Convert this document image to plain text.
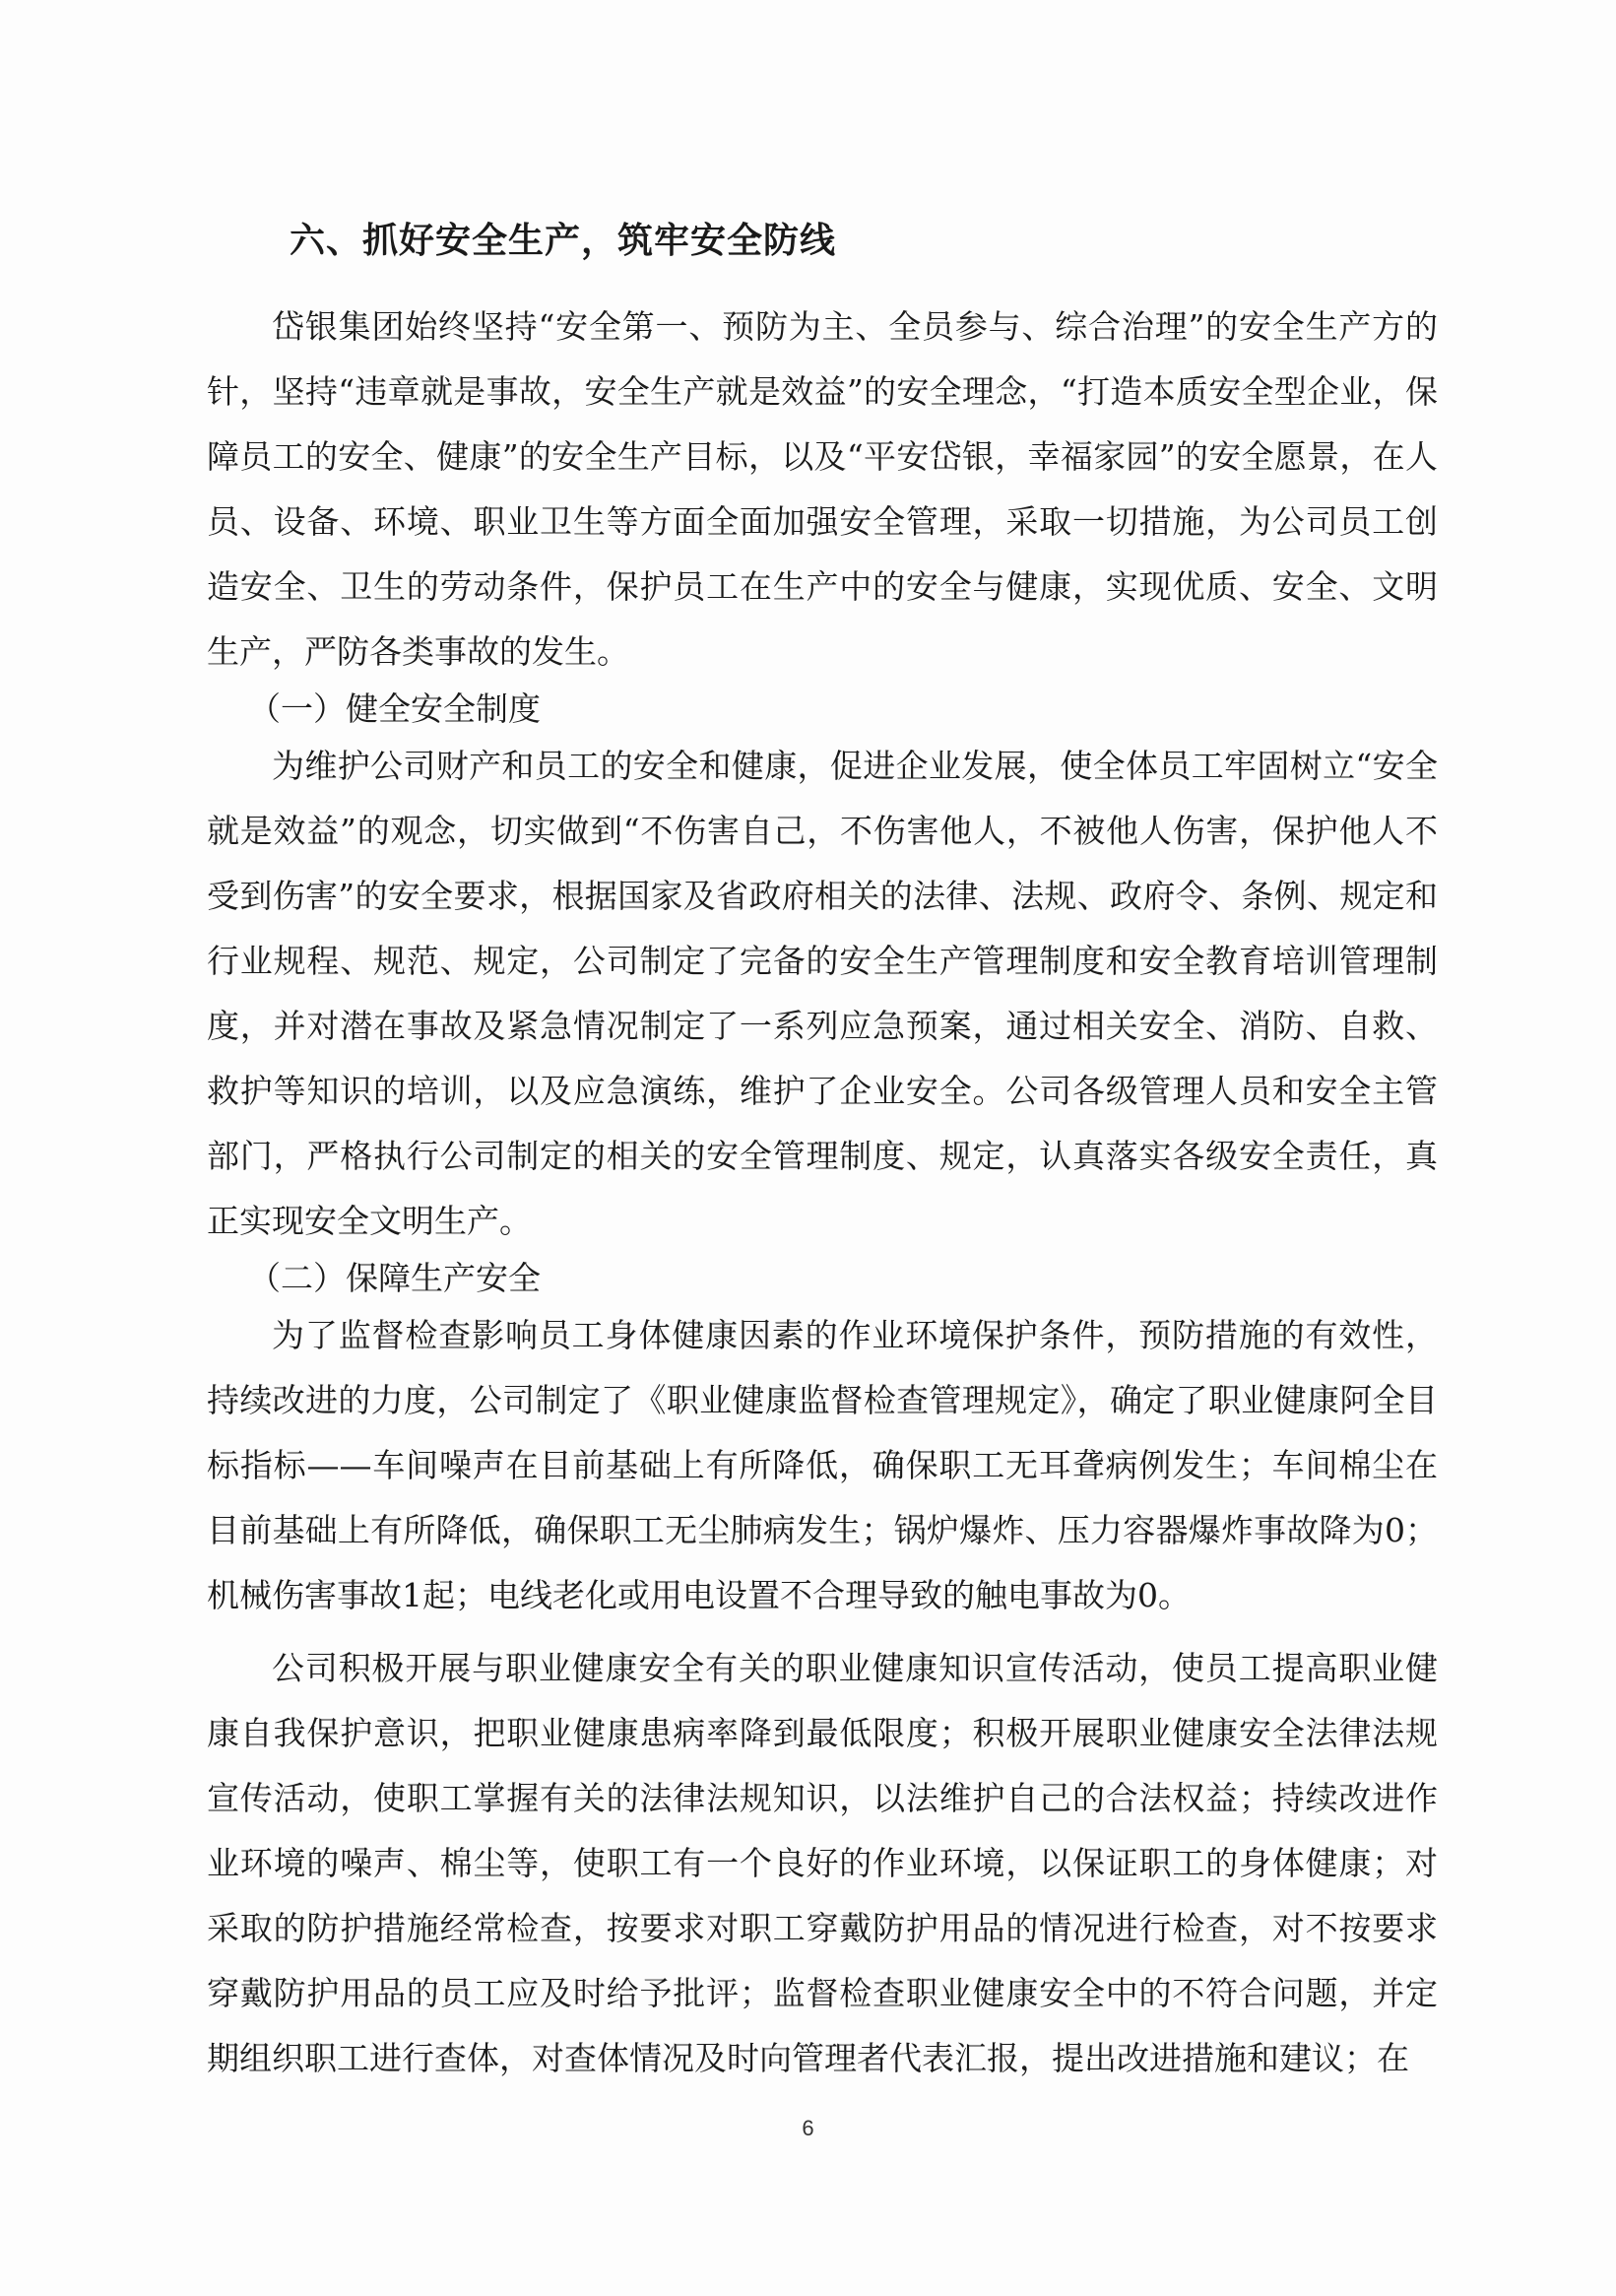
六、抓好安全生产，筑牢安全防线

岱银集团始终坚持“安全第一、预防为主、全员参与、综合治理”的安全生产方的针，坚持“违章就是事故，安全生产就是效益”的安全理念，“打造本质安全型企业，保障员工的安全、健康”的安全生产目标，以及“平安岱银，幸福家园”的安全愿景，在人员、设备、环境、职业卫生等方面全面加强安全管理，采取一切措施，为公司员工创造安全、卫生的劳动条件，保护员工在生产中的安全与健康，实现优质、安全、文明生产，严防各类事故的发生。

（一）健全安全制度

为维护公司财产和员工的安全和健康，促进企业发展，使全体员工牢固树立“安全就是效益”的观念，切实做到“不伤害自己，不伤害他人，不被他人伤害，保护他人不受到伤害”的安全要求，根据国家及省政府相关的法律、法规、政府令、条例、规定和行业规程、规范、规定，公司制定了完备的安全生产管理制度和安全教育培训管理制度，并对潜在事故及紧急情况制定了一系列应急预案，通过相关安全、消防、自救、救护等知识的培训，以及应急演练，维护了企业安全。公司各级管理人员和安全主管部门，严格执行公司制定的相关的安全管理制度、规定，认真落实各级安全责任，真正实现安全文明生产。

（二）保障生产安全

为了监督检查影响员工身体健康因素的作业环境保护条件，预防措施的有效性，持续改进的力度，公司制定了《职业健康监督检查管理规定》，确定了职业健康阿全目标指标——车间噪声在目前基础上有所降低，确保职工无耳聋病例发生；车间棉尘在目前基础上有所降低，确保职工无尘肺病发生；锅炉爆炸、压力容器爆炸事故降为0；机械伤害事故1起；电线老化或用电设置不合理导致的触电事故为0。

公司积极开展与职业健康安全有关的职业健康知识宣传活动，使员工提高职业健康自我保护意识，把职业健康患病率降到最低限度；积极开展职业健康安全法律法规宣传活动，使职工掌握有关的法律法规知识，以法维护自己的合法权益；持续改进作业环境的噪声、棉尘等，使职工有一个良好的作业环境，以保证职工的身体健康；对采取的防护措施经常检查，按要求对职工穿戴防护用品的情况进行检查，对不按要求穿戴防护用品的员工应及时给予批评；监督检查职业健康安全中的不符合问题，并定期组织职工进行查体，对查体情况及时向管理者代表汇报，提出改进措施和建议；在

6
